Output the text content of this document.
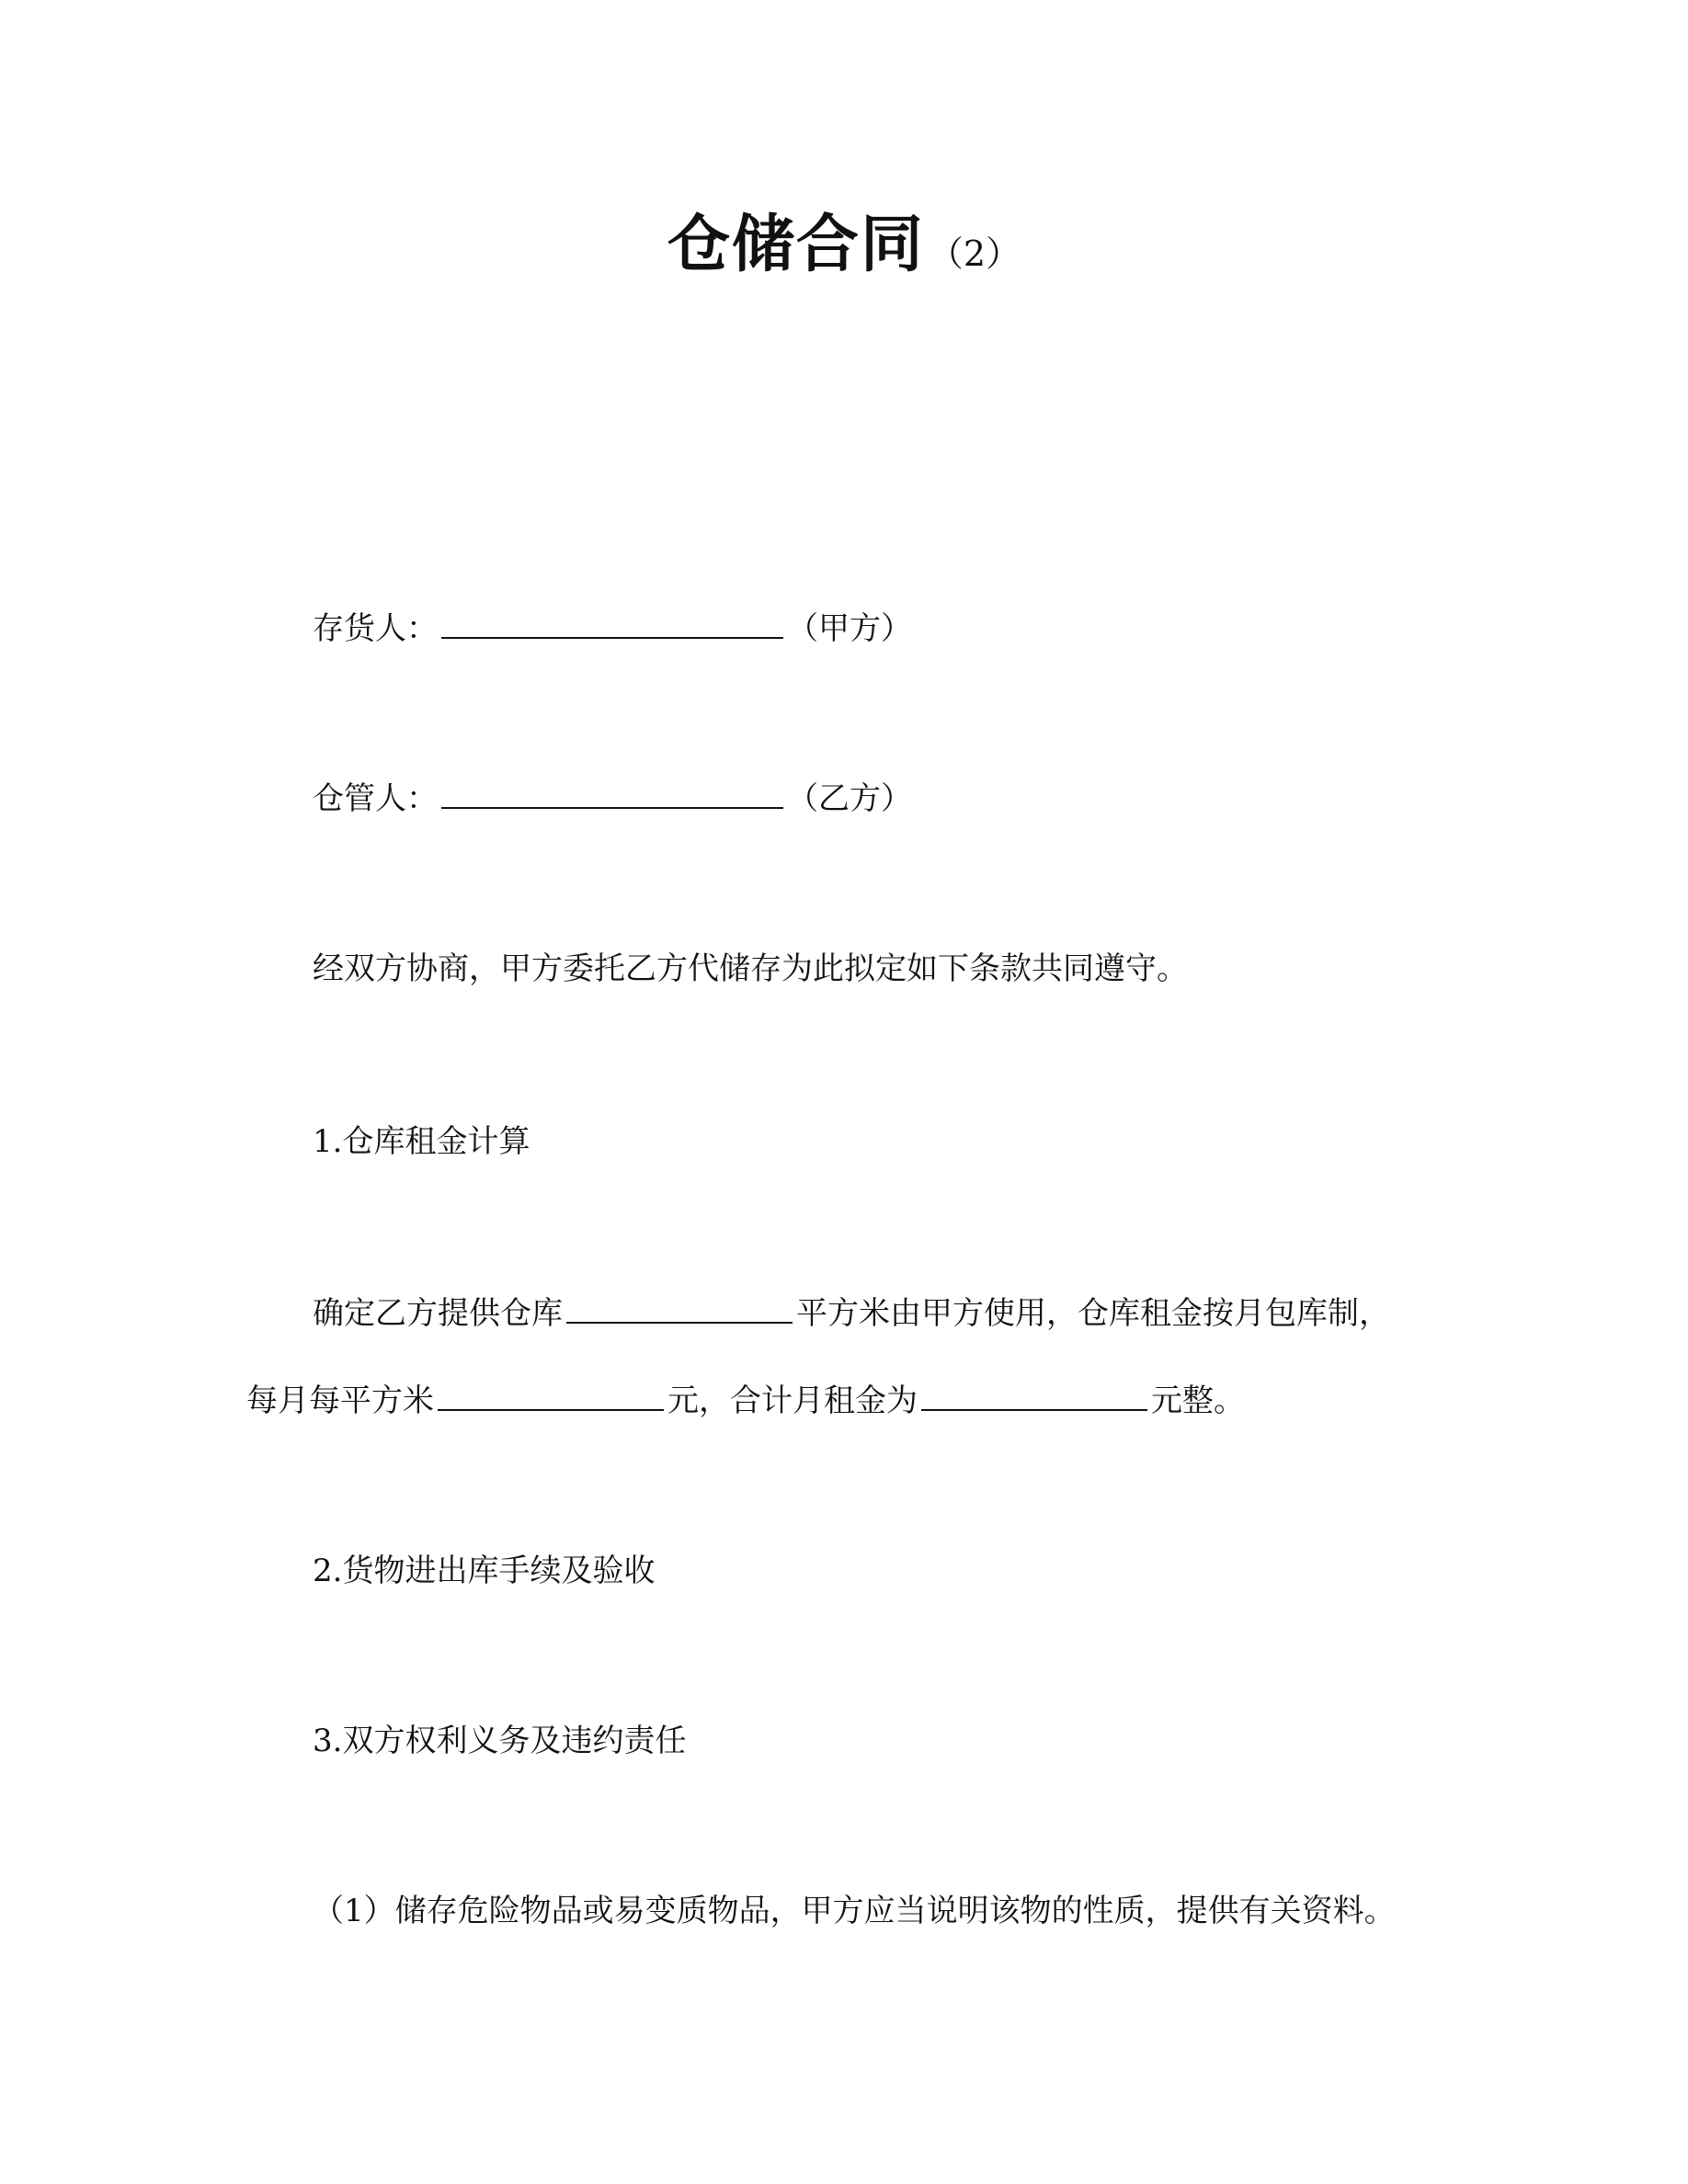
仓储合同 （2）
存货人：	（甲方）
仓管人：	（乙方）
经双方协商，甲方委托乙方代储存为此拟定如下条款共同遵守。
1.仓库租金计算
确定乙方提供仓库	平方米由甲方使用，仓库租金按月包库制，
每月每平方米	元，合计月租金为	元整。
2.货物进出库手续及验收
3.双方权利义务及违约责任
（1）储存危险物品或易变质物品，甲方应当说明该物的性质，提供有关资料。
